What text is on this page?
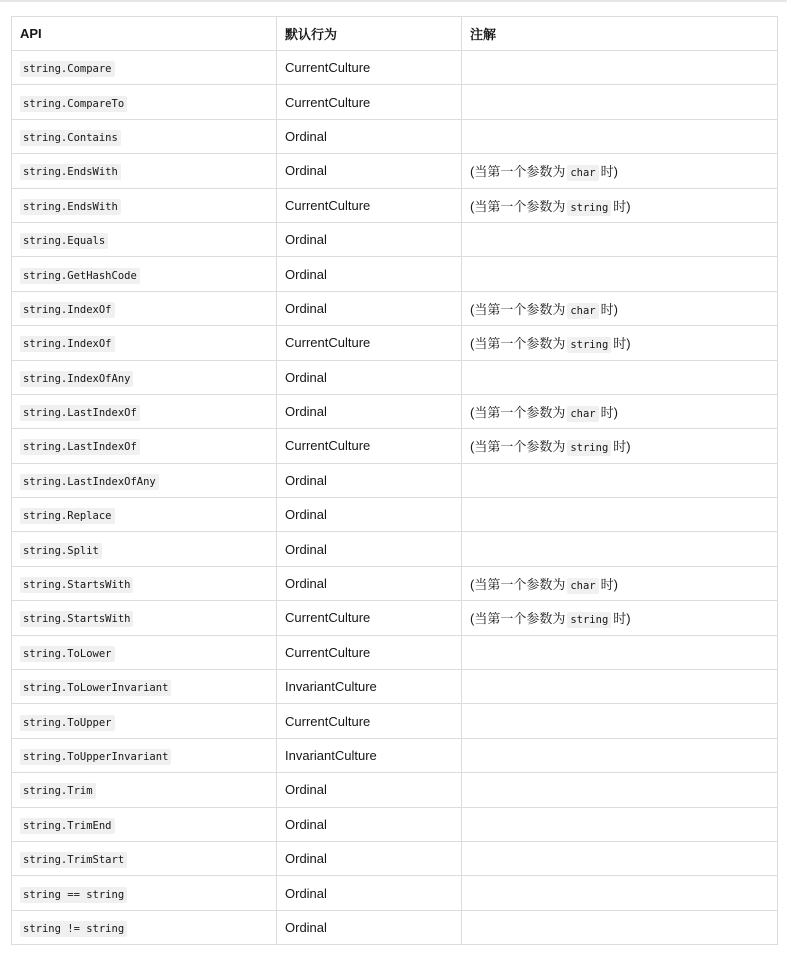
API	默认行为	注解
string.Compare	CurrentCulture	
string.CompareTo	CurrentCulture	
string.Contains	Ordinal	
string.EndsWith	Ordinal	(当第一个参数为 char 时)
string.EndsWith	CurrentCulture	(当第一个参数为 string 时)
string.Equals	Ordinal	
string.GetHashCode	Ordinal	
string.IndexOf	Ordinal	(当第一个参数为 char 时)
string.IndexOf	CurrentCulture	(当第一个参数为 string 时)
string.IndexOfAny	Ordinal	
string.LastIndexOf	Ordinal	(当第一个参数为 char 时)
string.LastIndexOf	CurrentCulture	(当第一个参数为 string 时)
string.LastIndexOfAny	Ordinal	
string.Replace	Ordinal	
string.Split	Ordinal	
string.StartsWith	Ordinal	(当第一个参数为 char 时)
string.StartsWith	CurrentCulture	(当第一个参数为 string 时)
string.ToLower	CurrentCulture	
string.ToLowerInvariant	InvariantCulture	
string.ToUpper	CurrentCulture	
string.ToUpperInvariant	InvariantCulture	
string.Trim	Ordinal	
string.TrimEnd	Ordinal	
string.TrimStart	Ordinal	
string == string	Ordinal	
string != string	Ordinal	
